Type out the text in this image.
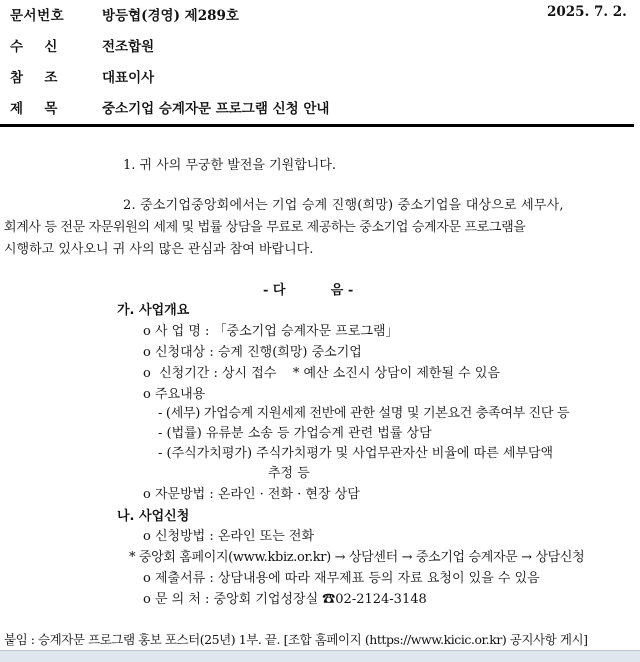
문서번호	방등협(경영) 제289호	2025. 7. 2.
수    신	전조합원
참    조	대표이사
제    목	중소기업 승계자문 프로그램 신청 안내
1. 귀 사의 무궁한 발전을 기원합니다.
2. 중소기업중앙회에서는 기업 승계 진행(희망) 중소기업을 대상으로 세무사,
회계사 등 전문 자문위원의 세제 및 법률 상담을 무료로 제공하는 중소기업 승계자문 프로그램을
시행하고 있사오니 귀 사의 많은 관심과 참여 바랍니다.
- 다          음 -
가. 사업개요
o 사 업 명 : 「중소기업 승계자문 프로그램」
o 신청대상 : 승계 진행(희망) 중소기업
o  신청기간 : 상시 접수    * 예산 소진시 상담이 제한될 수 있음
o 주요내용
- (세무) 가업승계 지원세제 전반에 관한 설명 및 기본요건 충족여부 진단 등
- (법률) 유류분 소송 등 가업승계 관련 법률 상담
- (주식가치평가) 주식가치평가 및 사업무관자산 비율에 따른 세부담액
추정 등
o 자문방법 : 온라인 · 전화 · 현장 상담
나. 사업신청
o 신청방법 : 온라인 또는 전화
* 중앙회 홈페이지(www.kbiz.or.kr) → 상담센터 → 중소기업 승계자문 → 상담신청
o 제출서류 : 상담내용에 따라 재무제표 등의 자료 요청이 있을 수 있음
o 문 의 처 : 중앙회 기업성장실 ☎02-2124-3148
붙임 : 승계자문 프로그램 홍보 포스터(25년) 1부. 끝. [조합 홈페이지 (https://www.kicic.or.kr) 공지사항 게시]
